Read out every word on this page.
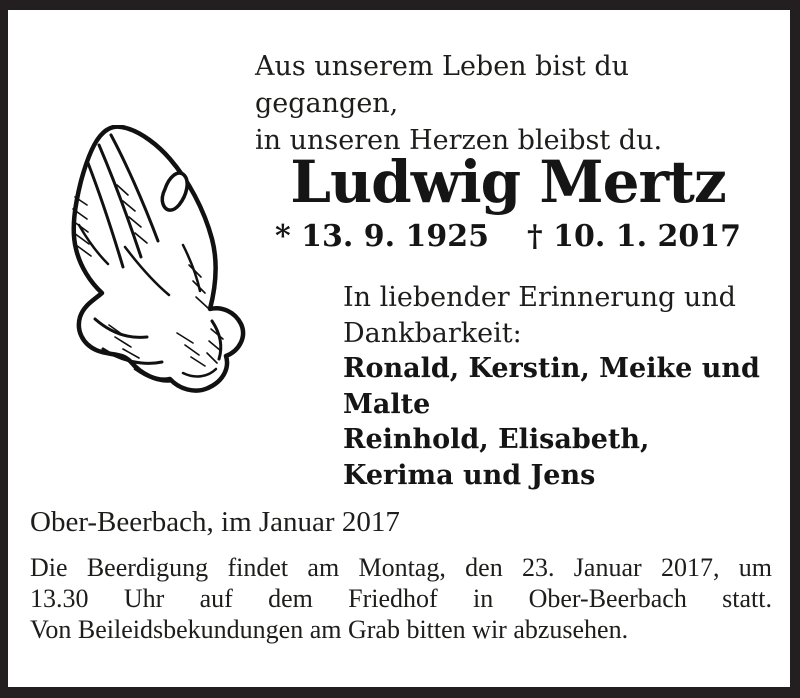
Aus unserem Leben bist du gegangen,
in unseren Herzen bleibst du.
Ludwig Mertz
* 13. 9. 1925 † 10. 1. 2017
In liebender Erinnerung und
Dankbarkeit:
Ronald, Kerstin, Meike und
Malte
Reinhold, Elisabeth,
Kerima und Jens
Ober-Beerbach, im Januar 2017
Die Beerdigung findet am Montag, den 23. Januar 2017, um
13.30 Uhr auf dem Friedhof in Ober-Beerbach statt.
Von Beileidsbekundungen am Grab bitten wir abzusehen.
